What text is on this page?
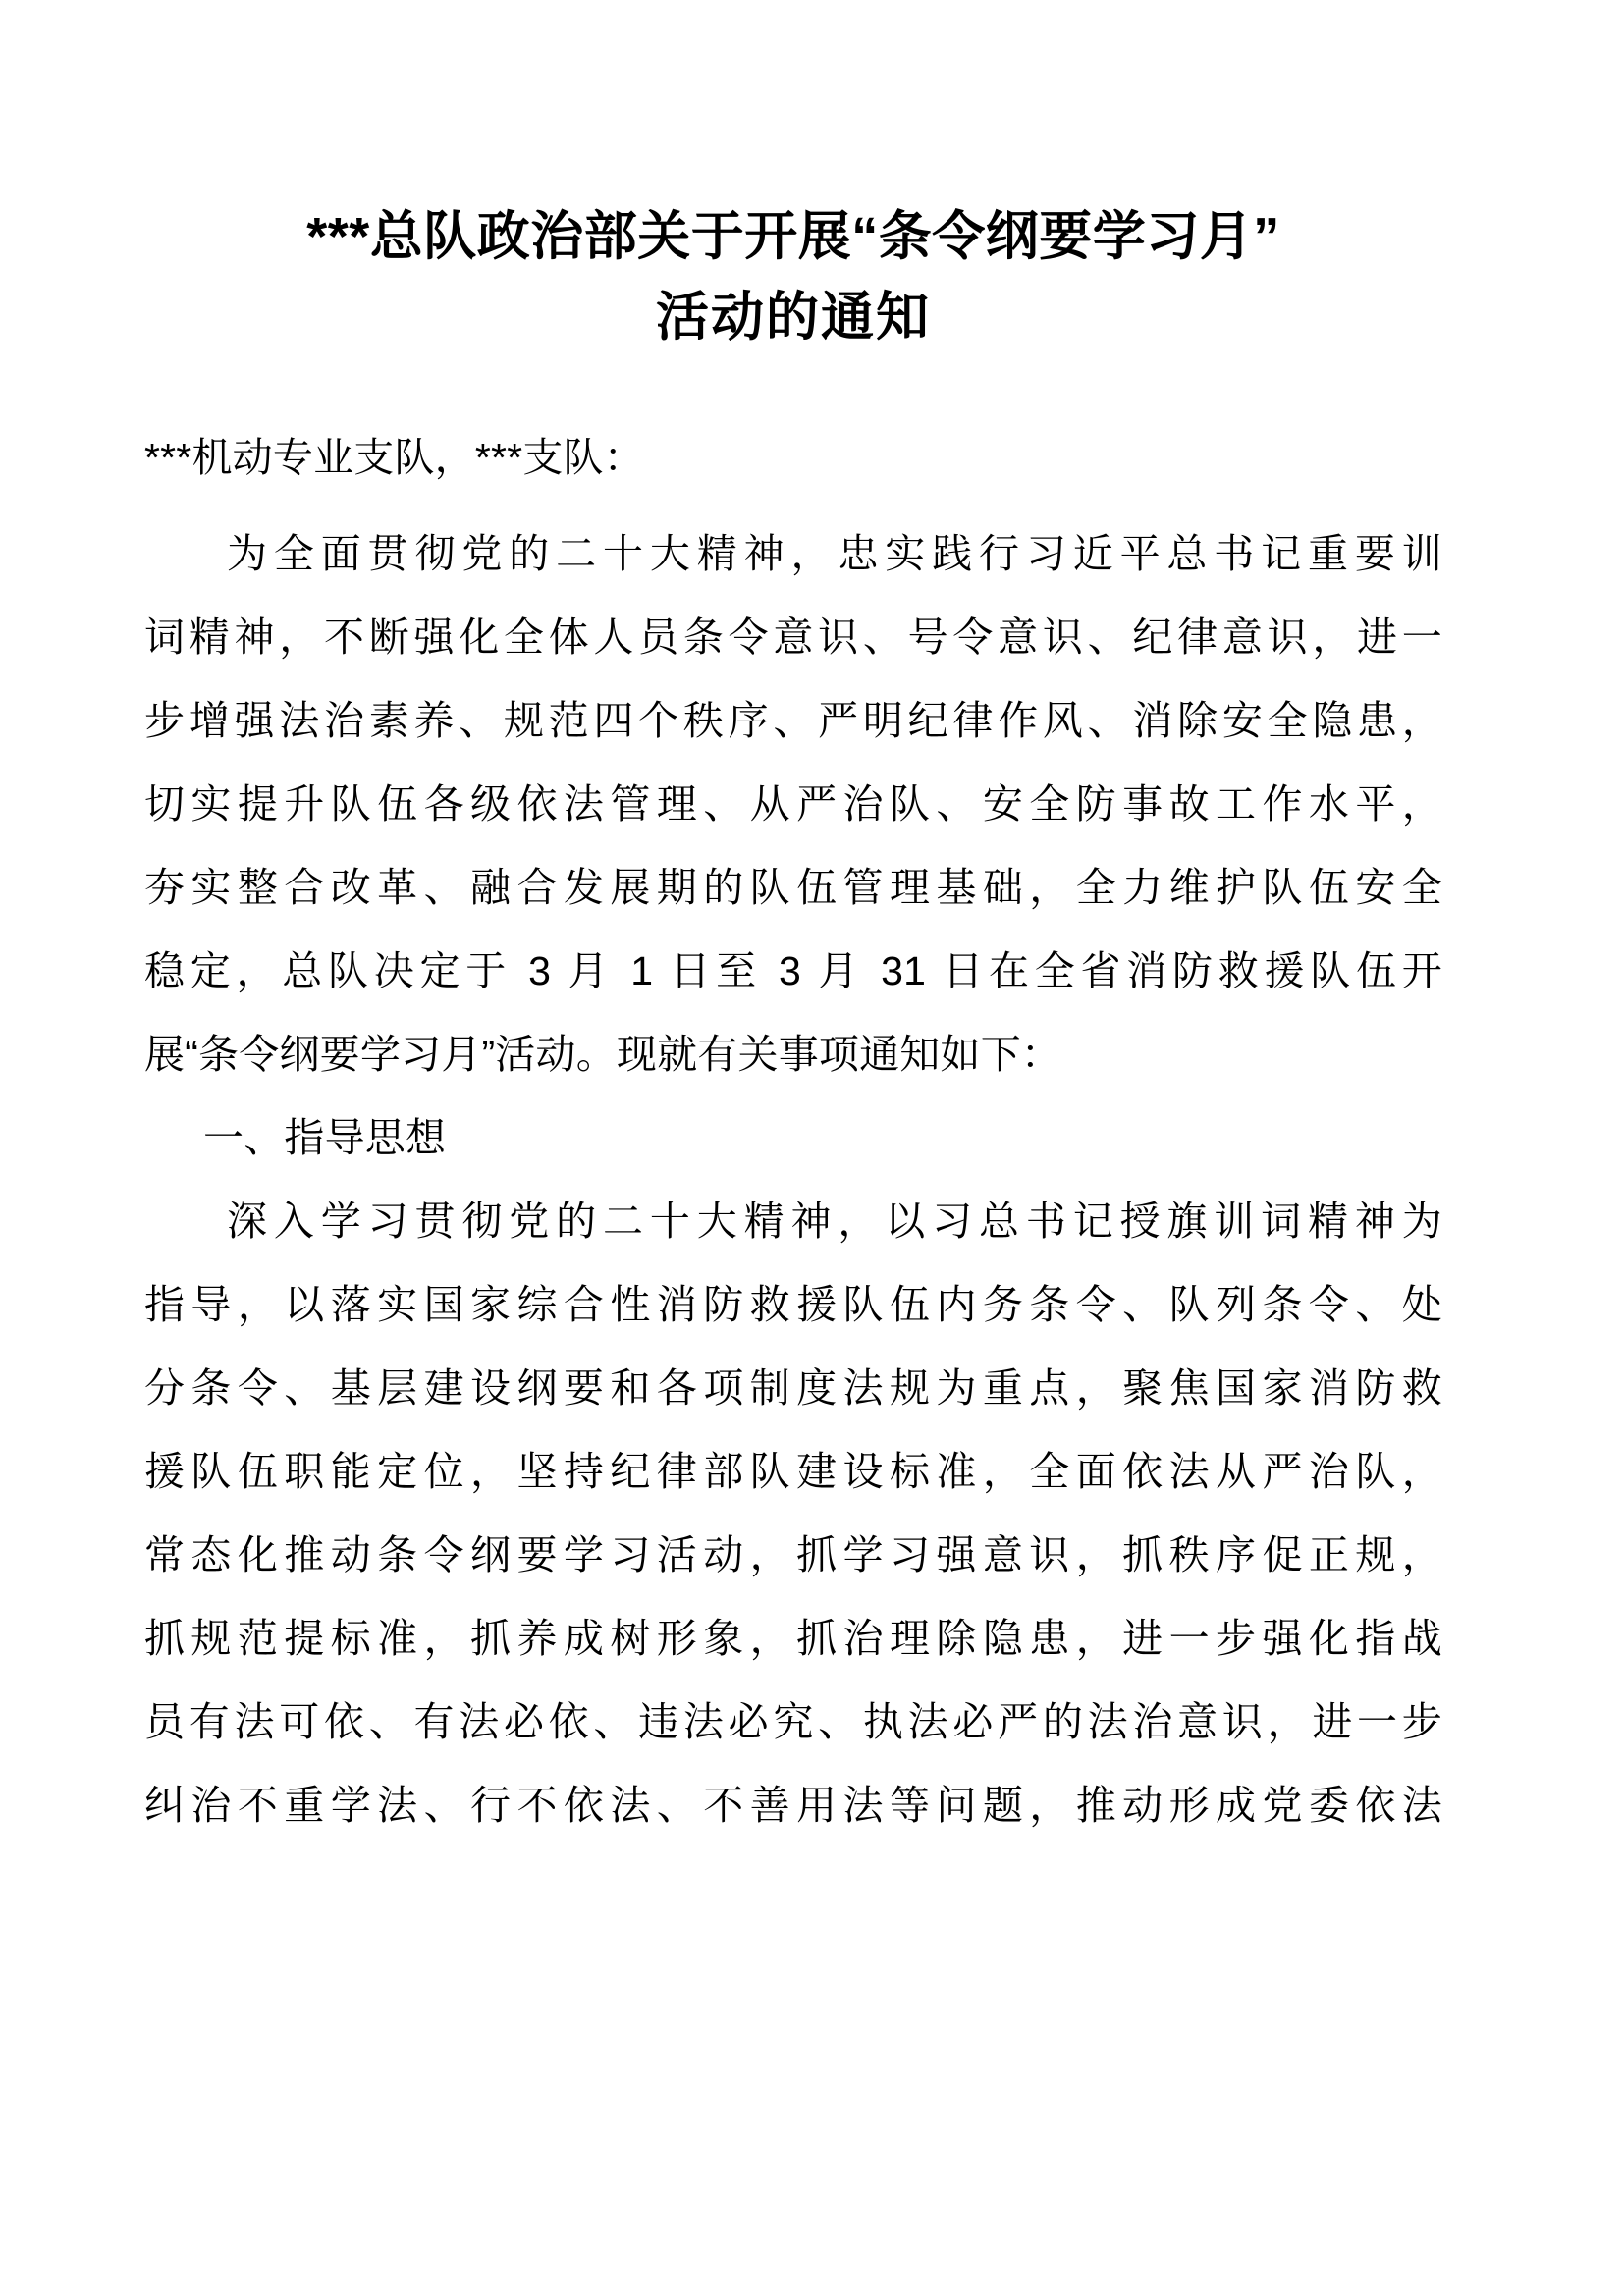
***总队政治部关于开展“条令纲要学习月”
活动的通知

***机动专业支队，***支队：

为全面贯彻党的二十大精神，忠实践行习近平总书记重要训
词精神，不断强化全体人员条令意识、号令意识、纪律意识，进一
步增强法治素养、规范四个秩序、严明纪律作风、消除安全隐患，
切实提升队伍各级依法管理、从严治队、安全防事故工作水平，
夯实整合改革、融合发展期的队伍管理基础，全力维护队伍安全
稳定，总队决定于 3 月 1 日至 3 月 31 日在全省消防救援队伍开
展“条令纲要学习月”活动。现就有关事项通知如下：

一、指导思想

深入学习贯彻党的二十大精神，以习总书记授旗训词精神为
指导，以落实国家综合性消防救援队伍内务条令、队列条令、处
分条令、基层建设纲要和各项制度法规为重点，聚焦国家消防救
援队伍职能定位，坚持纪律部队建设标准，全面依法从严治队，
常态化推动条令纲要学习活动，抓学习强意识，抓秩序促正规，
抓规范提标准，抓养成树形象，抓治理除隐患，进一步强化指战
员有法可依、有法必依、违法必究、执法必严的法治意识，进一步
纠治不重学法、行不依法、不善用法等问题，推动形成党委依法
